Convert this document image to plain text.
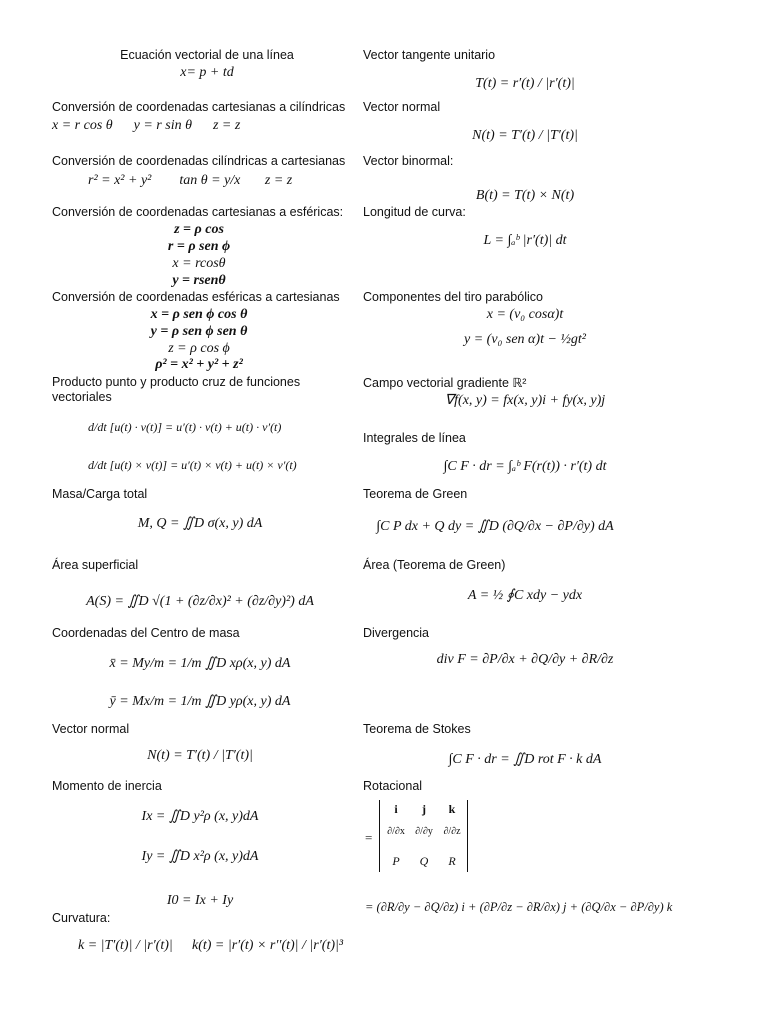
Ecuación vectorial de una línea
x= p + td
Conversión de coordenadas cartesianas a cilíndricas
x = r cos θ      y = r sin θ      z = z
Conversión de coordenadas cilíndricas a cartesianas
r² = x² + y²        tan θ = y/x       z = z
Conversión de coordenadas cartesianas a esféricas:
z = ρ cos
r = ρ sen ϕ
x = rcosθ
y = rsenθ
Conversión de coordenadas esféricas a cartesianas
x = ρ sen ϕ cos θ
y = ρ sen ϕ sen θ
z = ρ cos ϕ
ρ² = x² + y² + z²
Producto punto y producto cruz de funciones vectoriales
d/dt [u(t) · v(t)] = u′(t) · v(t) + u(t) · v′(t)
d/dt [u(t) × v(t)] = u′(t) × v(t) + u(t) × v′(t)
Masa/Carga total
M, Q = ∬D σ(x, y) dA
Área superficial
A(S) = ∬D √(1 + (∂z/∂x)² + (∂z/∂y)²) dA
Coordenadas del Centro de masa
x̄ = My/m = 1/m ∬D xρ(x, y) dA
ȳ = Mx/m = 1/m ∬D yρ(x, y) dA
Vector normal
N(t) = T′(t) / |T′(t)|
Momento de inercia
Ix = ∬D y²ρ (x, y)dA
Iy = ∬D x²ρ (x, y)dA
I0 = Ix + Iy
Curvatura:
k = |T′(t)| / |r′(t)| k(t) = |r′(t) × r′′(t)| / |r′(t)|³
Vector tangente unitario
T(t) = r′(t) / |r′(t)|
Vector normal
N(t) = T′(t) / |T′(t)|
Vector binormal:
B(t) = T(t) × N(t)
Longitud de curva:
L = ∫ₐᵇ |r′(t)| dt
Componentes del tiro parabólico
x = (v₀ cosα)t
y = (v₀ sen α)t − ½gt²
Campo vectorial gradiente ℝ²
∇f(x, y) = fx(x, y)i + fy(x, y)j
Integrales de línea
∫C F · dr = ∫ₐᵇ F(r(t)) · r′(t) dt
Teorema de Green
∫C P dx + Q dy = ∬D (∂Q/∂x − ∂P/∂y) dA
Área (Teorema de Green)
A = ½ ∮C xdy − ydx
Divergencia
div F = ∂P/∂x + ∂Q/∂y + ∂R/∂z
Teorema de Stokes
∫C F · dr = ∬D rot F · k dA
Rotacional
=
i	j	k
∂/∂x	∂/∂y	∂/∂z
P	Q	R
= (∂R/∂y − ∂Q/∂z) i + (∂P/∂z − ∂R/∂x) j + (∂Q/∂x − ∂P/∂y) k
